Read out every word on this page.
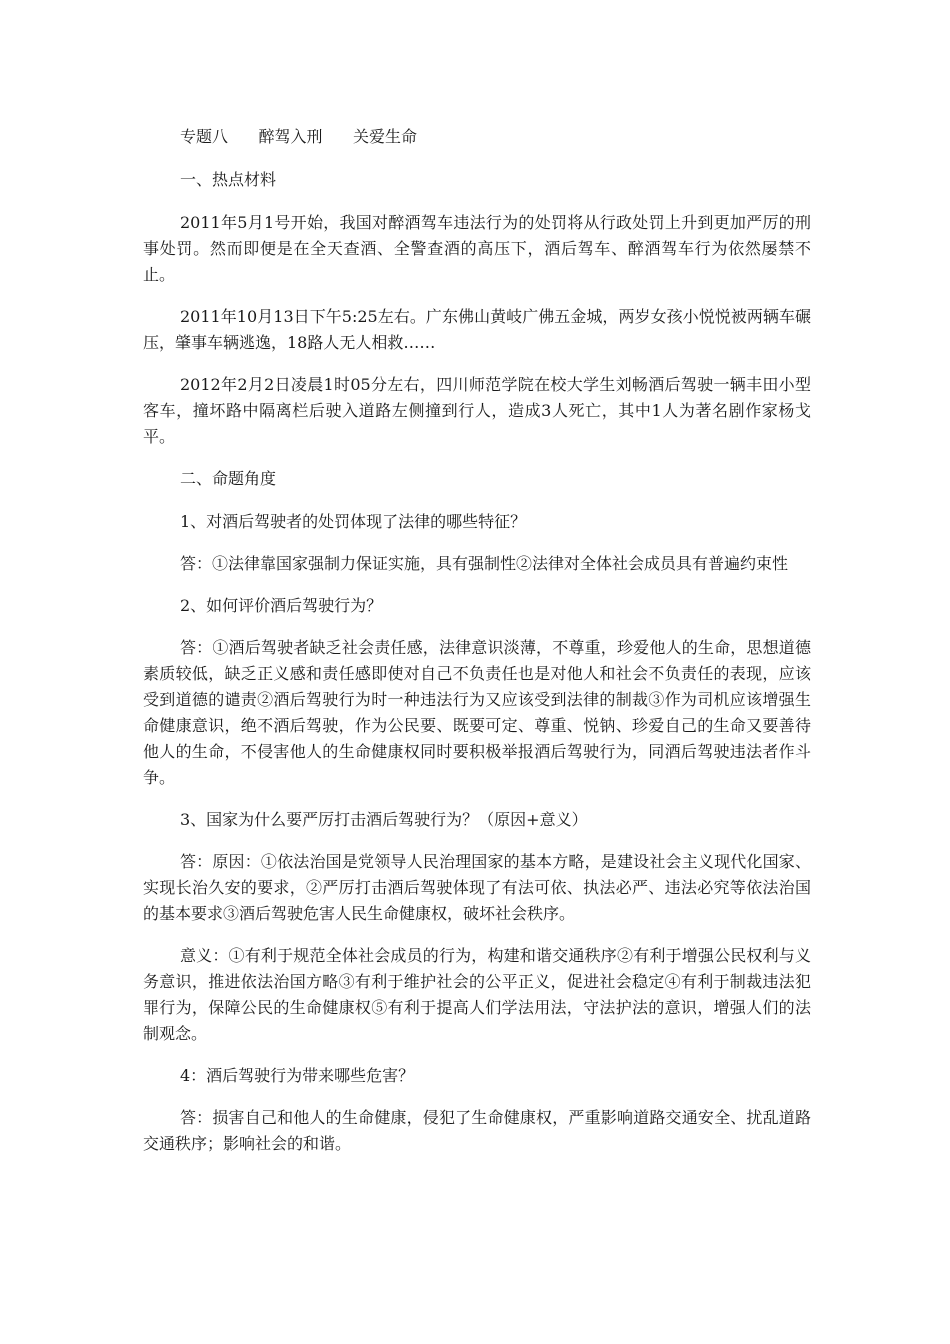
专题八      醉驾入刑      关爱生命

一、热点材料

2011年5月1号开始，我国对醉酒驾车违法行为的处罚将从行政处罚上升到更加严厉的刑事处罚。然而即便是在全天查酒、全警查酒的高压下，酒后驾车、醉酒驾车行为依然屡禁不止。

2011年10月13日下午5:25左右。广东佛山黄岐广佛五金城，两岁女孩小悦悦被两辆车碾压，肇事车辆逃逸，18路人无人相救……

2012年2月2日凌晨1时05分左右，四川师范学院在校大学生刘畅酒后驾驶一辆丰田小型客车，撞坏路中隔离栏后驶入道路左侧撞到行人，造成3人死亡，其中1人为著名剧作家杨戈平。

二、命题角度

1、对酒后驾驶者的处罚体现了法律的哪些特征？

答：①法律靠国家强制力保证实施，具有强制性②法律对全体社会成员具有普遍约束性

2、如何评价酒后驾驶行为？

答：①酒后驾驶者缺乏社会责任感，法律意识淡薄，不尊重，珍爱他人的生命，思想道德素质较低，缺乏正义感和责任感即使对自己不负责任也是对他人和社会不负责任的表现，应该受到道德的谴责②酒后驾驶行为时一种违法行为又应该受到法律的制裁③作为司机应该增强生命健康意识，绝不酒后驾驶，作为公民要、既要可定、尊重、悦钠、珍爱自己的生命又要善待他人的生命，不侵害他人的生命健康权同时要积极举报酒后驾驶行为，同酒后驾驶违法者作斗争。

3、国家为什么要严厉打击酒后驾驶行为？（原因+意义）

答：原因：①依法治国是党领导人民治理国家的基本方略，是建设社会主义现代化国家、实现长治久安的要求，②严厉打击酒后驾驶体现了有法可依、执法必严、违法必究等依法治国的基本要求③酒后驾驶危害人民生命健康权，破坏社会秩序。

意义：①有利于规范全体社会成员的行为，构建和谐交通秩序②有利于增强公民权利与义务意识，推进依法治国方略③有利于维护社会的公平正义，促进社会稳定④有利于制裁违法犯罪行为，保障公民的生命健康权⑤有利于提高人们学法用法，守法护法的意识，增强人们的法制观念。

4：酒后驾驶行为带来哪些危害？

答：损害自己和他人的生命健康，侵犯了生命健康权，严重影响道路交通安全、扰乱道路交通秩序；影响社会的和谐。
